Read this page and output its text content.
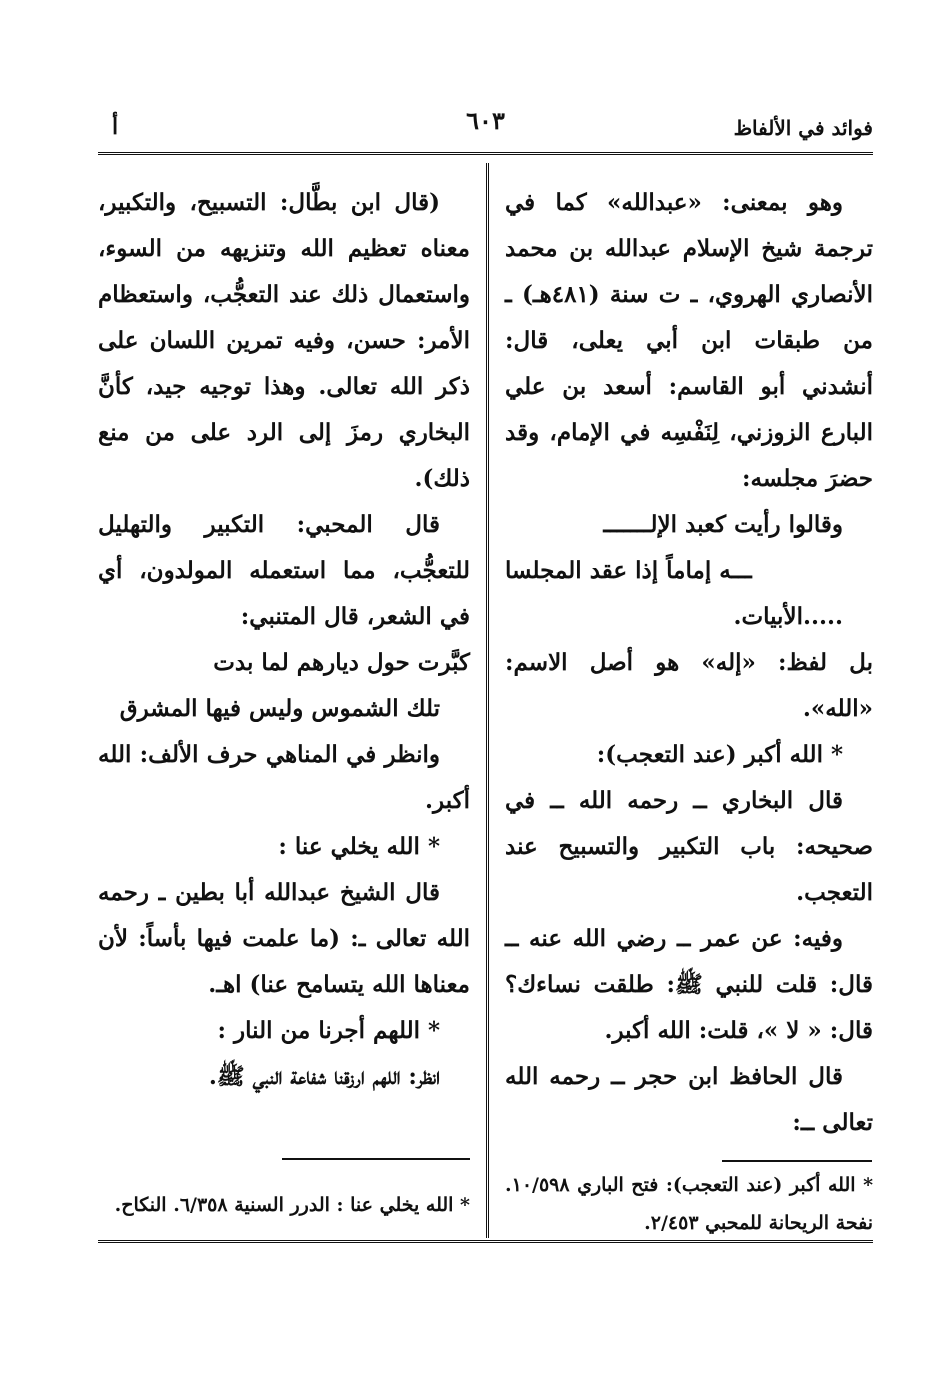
فوائد في الألفاظ
٦٠٣
أ

وهو بمعنى: «عبدالله» كما في ترجمة شيخ الإسلام عبدالله بن محمد الأنصاري الهروي، ـ ت سنة (٤٨١هـ) ـ من طبقات ابن أبي يعلى، قال: أنشدني أبو القاسم: أسعد بن علي البارع الزوزني، لِنَفْسِه في الإمام، وقد حضرَ مجلسه:

وقالوا رأيت كعبد الإلـــــــ

ـــه إماماً إذا عقد المجلسا

.....الأبيات.

بل لفظ: «إله» هو أصل الاسم: «الله».

* الله أكبر (عند التعجب):

قال البخاري ــ رحمه الله ــ في صحيحه: باب التكبير والتسبيح عند التعجب.

وفيه: عن عمر ــ رضي الله عنه ــ قال: قلت للنبي ﷺ: طلقت نساءك؟ قال: « لا »، قلت: الله أكبر.

قال الحافظ ابن حجر ــ رحمه الله تعالى ــ:

(قال ابن بطَّال: التسبيح، والتكبير، معناه تعظيم الله وتنزيهه من السوء، واستعمال ذلك عند التعجُّب، واستعظام الأمر: حسن، وفيه تمرين اللسان على ذكر الله تعالى. وهذا توجيه جيد، كأنَّ البخاري رمزَ إلى الرد على من منع ذلك).

قال المحبي: التكبير والتهليل للتعجُّب، مما استعمله المولدون، أي في الشعر، قال المتنبي:

كبَّرت حول ديارهم لما بدت

تلك الشموس وليس فيها المشرق

وانظر في المناهي حرف الألف: الله أكبر.

* الله يخلي عنا :

قال الشيخ عبدالله أبا بطين ـ رحمه الله تعالى ـ: (ما علمت فيها بأساً: لأن معناها الله يتسامح عنا) اهـ.

* اللهم أجرنا من النار :

انظر: اللهم ارزقنا شفاعة النبي ﷺ.

* الله أكبر (عند التعجب): فتح الباري ١٠/٥٩٨. نفحة الريحانة للمحبي ٢/٤٥٣.
* الله يخلي عنا : الدرر السنية ٦/٣٥٨. النكاح.
